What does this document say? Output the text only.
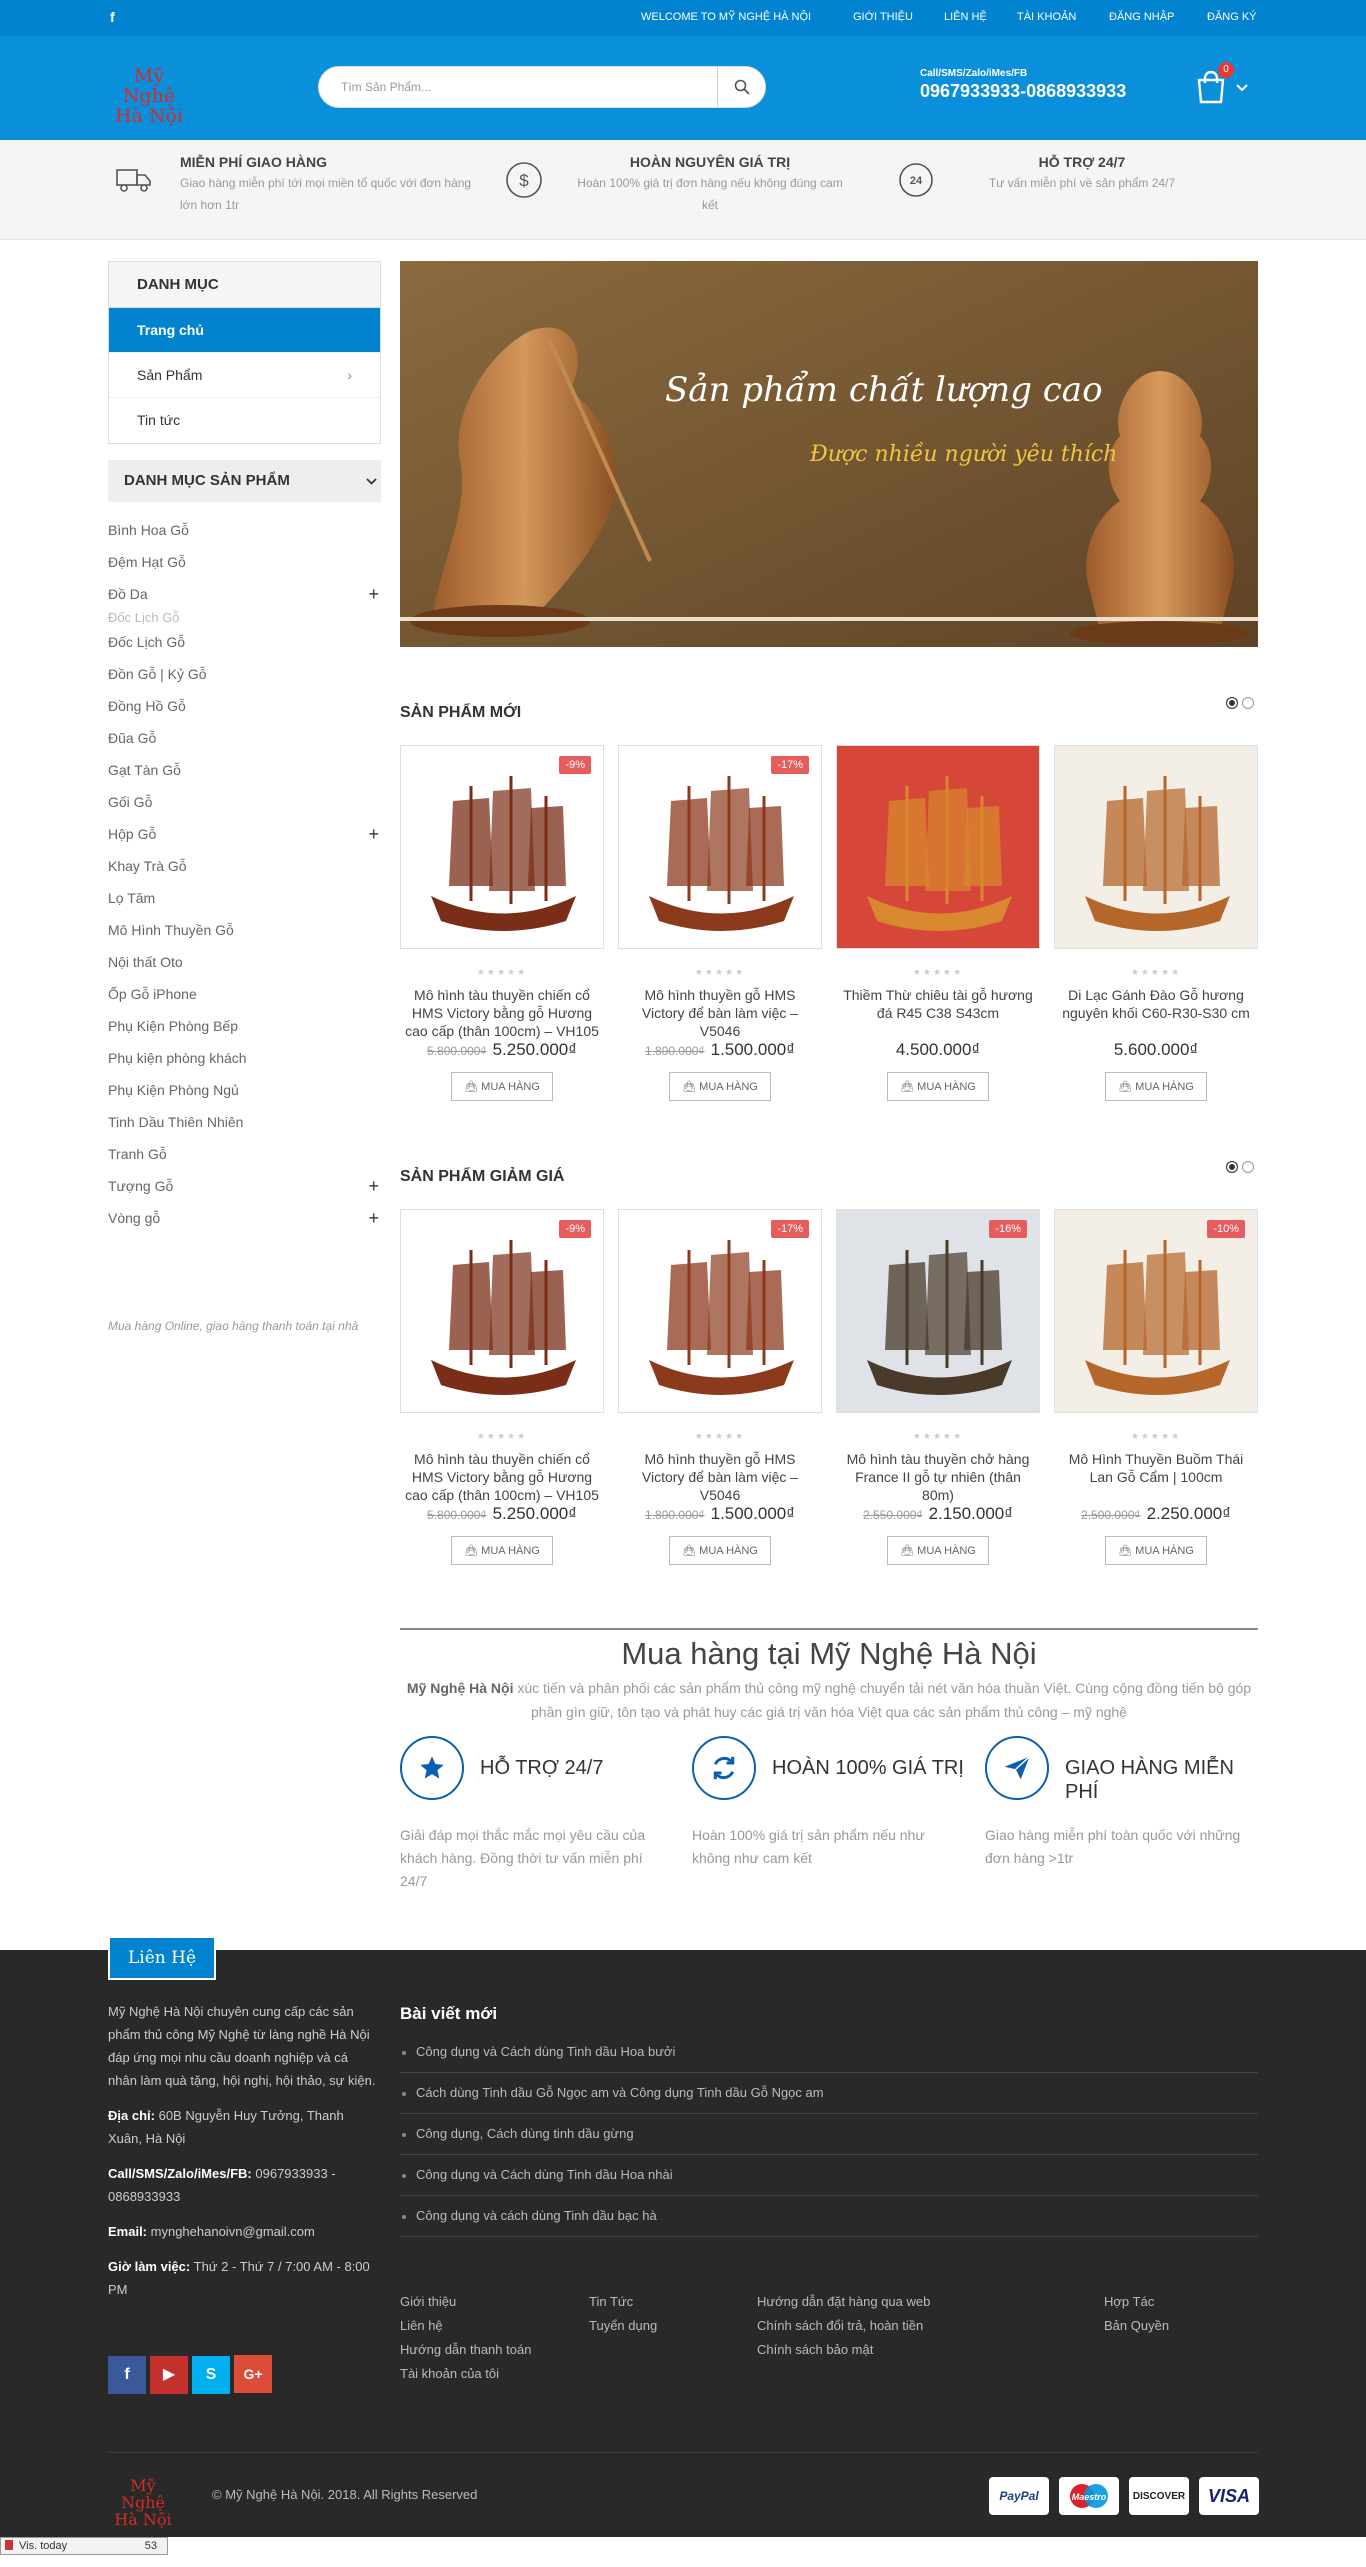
f	WELCOME TO MỸ NGHỆ HÀ NỘI	GIỚI THIỆU	LIÊN HỆ	TÀI KHOẢN	ĐĂNG NHẬP	ĐĂNG KÝ
Mỹ Nghệ
Hà Nội
Tìm Sản Phẩm...
Call/SMS/Zalo/iMes/FB
0967933933-0868933933
0
MIỄN PHÍ GIAO HÀNG
Giao hàng miễn phí tới mọi miền tổ quốc với đơn hàng lớn hơn 1tr
$
HOÀN NGUYÊN GIÁ TRỊ
Hoàn 100% giá trị đơn hàng nếu không đúng cam kết
24
HỖ TRỢ 24/7
Tư vấn miễn phí về sản phẩm 24/7
DANH MỤC
Trang chủ
Sản Phẩm	›
Tin tức
DANH MỤC SẢN PHẨM
Bình Hoa Gỗ
Đệm Hạt Gỗ
Đồ Da	+
Đốc Lịch Gỗ
Đốc Lịch Gỗ
Đồn Gỗ | Kỷ Gỗ
Đồng Hồ Gỗ
Đũa Gỗ
Gạt Tàn Gỗ
Gối Gỗ
Hộp Gỗ	+
Khay Trà Gỗ
Lọ Tăm
Mô Hình Thuyền Gỗ
Nội thất Oto
Ốp Gỗ iPhone
Phụ Kiện Phòng Bếp
Phụ kiện phòng khách
Phụ Kiện Phòng Ngủ
Tinh Dầu Thiên Nhiên
Tranh Gỗ
Tượng Gỗ	+
Vòng gỗ	+
Mua hàng Online, giao hàng thanh toán tại nhà
Sản phẩm chất lượng cao
Được nhiều người yêu thích
SẢN PHẨM MỚI
-9%
★★★★★
Mô hình tàu thuyền chiến cổ HMS Victory bằng gỗ Hương cao cấp (thân 100cm) – VH105
5.800.000₫ 5.250.000₫
👜︎ MUA HÀNG
-17%
★★★★★
Mô hình thuyền gỗ HMS Victory để bàn làm việc – V5046
1.800.000₫ 1.500.000₫
👜︎ MUA HÀNG
★★★★★
Thiềm Thừ chiêu tài gỗ hương đá R45 C38 S43cm
4.500.000₫
👜︎ MUA HÀNG
★★★★★
Di Lạc Gánh Đào Gỗ hương nguyên khối C60-R30-S30 cm
5.600.000₫
👜︎ MUA HÀNG
SẢN PHẨM GIẢM GIÁ
-9%
★★★★★
Mô hình tàu thuyền chiến cổ HMS Victory bằng gỗ Hương cao cấp (thân 100cm) – VH105
5.800.000₫ 5.250.000₫
👜︎ MUA HÀNG
-17%
★★★★★
Mô hình thuyền gỗ HMS Victory để bàn làm việc – V5046
1.800.000₫ 1.500.000₫
👜︎ MUA HÀNG
-16%
★★★★★
Mô hình tàu thuyền chở hàng France II gỗ tự nhiên (thân 80m)
2.550.000₫ 2.150.000₫
👜︎ MUA HÀNG
-10%
★★★★★
Mô Hình Thuyền Buồm Thái Lan Gỗ Cẩm | 100cm
2.500.000₫ 2.250.000₫
👜︎ MUA HÀNG
Mua hàng tại Mỹ Nghệ Hà Nội

Mỹ Nghệ Hà Nội xúc tiến và phân phối các sản phẩm thủ công mỹ nghệ chuyển tải nét văn hóa thuần Việt. Cùng cộng đồng tiến bộ góp phần gìn giữ, tôn tạo và phát huy các giá trị văn hóa Việt qua các sản phẩm thủ công – mỹ nghệ

HỖ TRỢ 24/7
Giải đáp mọi thắc mắc mọi yêu cầu của khách hàng. Đồng thời tư vấn miễn phí 24/7
HOÀN 100% GIÁ TRỊ
Hoàn 100% giá trị sản phẩm nếu như không như cam kết
GIAO HÀNG MIỄN PHÍ
Giao hàng miễn phí toàn quốc với những đơn hàng >1tr
Liên Hệ
Mỹ Nghệ Hà Nội chuyên cung cấp các sản phẩm thủ công Mỹ Nghệ từ làng nghề Hà Nội đáp ứng mọi nhu cầu doanh nghiệp và cá nhân làm quà tặng, hội nghị, hội thảo, sự kiện.
Địa chỉ: 60B Nguyễn Huy Tưởng, Thanh Xuân, Hà Nội
Call/SMS/Zalo/iMes/FB: 0967933933 - 0868933933
Email: mynghehanoivn@gmail.com
Giờ làm việc: Thứ 2 - Thứ 7 / 7:00 AM - 8:00 PM
f ▶ S G+
Bài viết mới
Công dụng và Cách dùng Tinh dầu Hoa bưởi
Cách dùng Tinh dầu Gỗ Ngọc am và Công dụng Tinh dầu Gỗ Ngọc am
Công dụng, Cách dùng tinh dầu gừng
Công dụng và Cách dùng Tinh dầu Hoa nhài
Công dụng và cách dùng Tinh dầu bạc hà
Giới thiệu
Liên hệ
Hướng dẫn thanh toán
Tài khoản của tôi
Tin Tức
Tuyển dụng
Hướng dẫn đặt hàng qua web
Chính sách đổi trả, hoàn tiền
Chính sách bảo mật
Hợp Tác
Bản Quyền
Mỹ Nghệ
Hà Nội
© Mỹ Nghệ Hà Nội. 2018. All Rights Reserved	PayPal	Maestro	DISCOVER	VISA
Vis. today	53
